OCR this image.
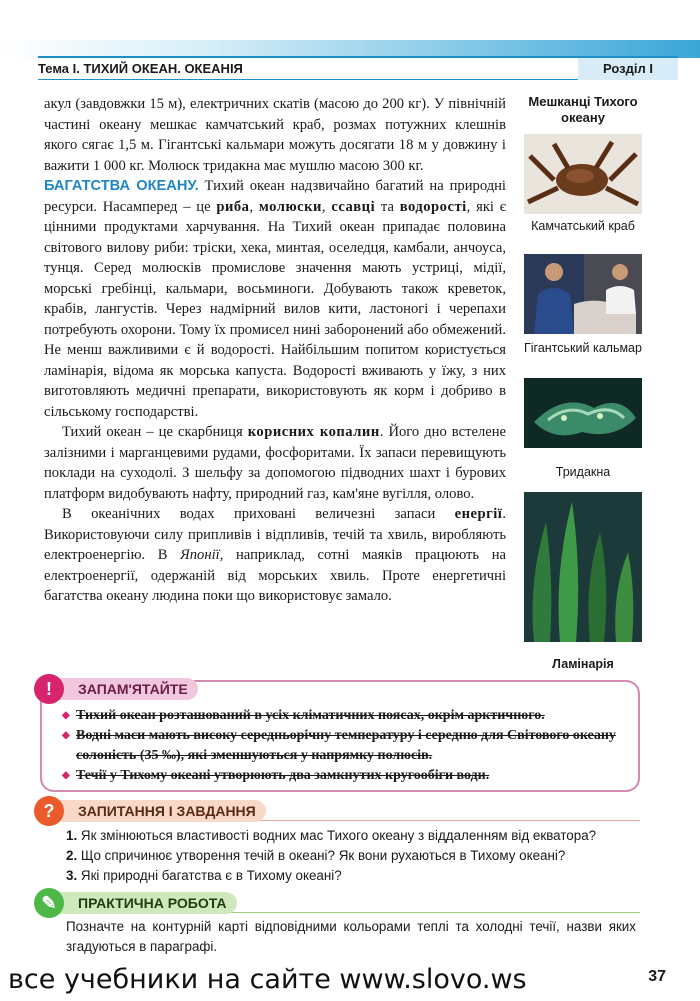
Тема І. ТИХИЙ ОКЕАН. ОКЕАНІЯ	Розділ І

акул (завдовжки 15 м), електричних скатів (масою до 200 кг). У північній частині океану мешкає камчатський краб, розмах потужних клешнів якого сягає 1,5 м. Гігантські кальмари можуть досягати 18 м у довжину і важити 1 000 кг. Молюск тридакна має мушлю масою 300 кг.

БАГАТСТВА ОКЕАНУ. Тихий океан надзвичайно багатий на природні ресурси. Насамперед – це риба, молюски, ссавці та водорості, які є цінними продуктами харчування. На Тихий океан припадає половина світового вилову риби: тріски, хека, минтая, оселедця, камбали, анчоуса, тунця. Серед молюсків промислове значення мають устриці, мідії, морські гребінці, кальмари, восьминоги. Добувають також креветок, крабів, лангустів. Через надмірний вилов кити, ластоногі і черепахи потребують охорони. Тому їх промисел нині заборонений або обмежений. Не менш важливими є й водорості. Найбільшим попитом користується ламінарія, відома як морська капуста. Водорості вживають у їжу, з них виготовляють медичні препарати, використовують як корм і добриво в сільському господарстві.

Тихий океан – це скарбниця корисних копалин. Його дно встелене залізними і марганцевими рудами, фосфоритами. Їх запаси перевищують поклади на суходолі. З шельфу за допомогою підводних шахт і бурових платформ видобувають нафту, природний газ, кам'яне вугілля, олово.

В океанічних водах приховані величезні запаси енергії. Використовуючи силу припливів і відпливів, течій та хвиль, виробляють електроенергію. В Японії, наприклад, сотні маяків працюють на електроенергії, одержаній від морських хвиль. Проте енергетичні багатства океану людина поки що використовує замало.

Мешканці Тихого океану
Камчатський краб
Гігантський кальмар
Тридакна
Ламінарія
ЗАПАМ'ЯТАЙТЕ
!
◆ Тихий океан розташований в усіх кліматичних поясах, окрім арктичного.
◆ Водні маси мають високу середньорічну температуру і середню для Світового океану солоність (35 ‰), які зменшуються у напрямку полюсів.
◆ Течії у Тихому океані утворюють два замкнутих кругообіги води.
ЗАПИТАННЯ І ЗАВДАННЯ
?
1. Як змінюються властивості водних мас Тихого океану з віддаленням від екватора?
2. Що спричинює утворення течій в океані? Як вони рухаються в Тихому океані?
3. Які природні багатства є в Тихому океані?
ПРАКТИЧНА РОБОТА
✎
Позначте на контурній карті відповідними кольорами теплі та холодні течії, назви яких згадуються в параграфі.
все учебники на сайте www.slovo.ws	37
